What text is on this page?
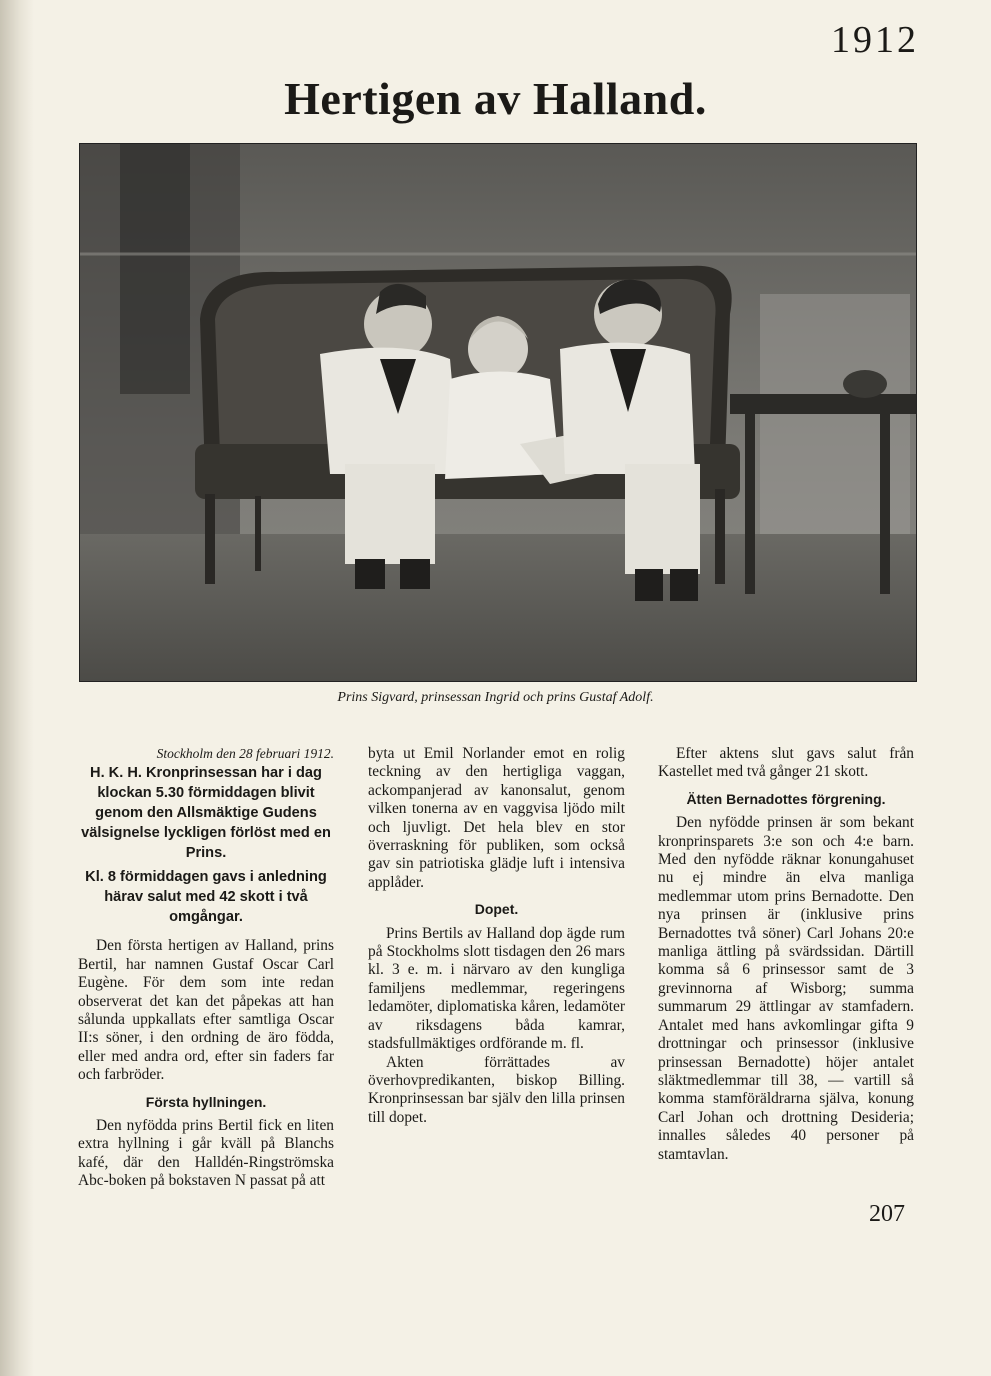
1912
Hertigen av Halland.
Prins Sigvard, prinsessan Ingrid och prins Gustaf Adolf.

Stockholm den 28 februari 1912.

H. K. H. Kronprinsessan har i dag klockan 5.30 förmiddagen blivit genom den Allsmäktige Gudens välsignelse lyckligen förlöst med en Prins.

Kl. 8 förmiddagen gavs i anledning härav salut med 42 skott i två omgångar.

Den första hertigen av Halland, prins Bertil, har namnen Gustaf Oscar Carl Eugène. För dem som inte redan observerat det kan det påpekas att han sålunda uppkallats efter samtliga Oscar II:s söner, i den ordning de äro födda, eller med andra ord, efter sin faders far och farbröder.

Första hyllningen.

Den nyfödda prins Bertil fick en liten extra hyllning i går kväll på Blanchs kafé, där den Halldén-Ringströmska Abc-boken på bokstaven N passat på att

byta ut Emil Norlander emot en rolig teckning av den hertigliga vaggan, ackompanjerad av kanonsalut, genom vilken tonerna av en vaggvisa ljödo milt och ljuvligt. Det hela blev en stor överraskning för publiken, som också gav sin patriotiska glädje luft i intensiva applåder.

Dopet.

Prins Bertils av Halland dop ägde rum på Stockholms slott tisdagen den 26 mars kl. 3 e. m. i närvaro av den kungliga familjens medlemmar, regeringens ledamöter, diplomatiska kåren, ledamöter av riksdagens båda kamrar, stadsfullmäktiges ordförande m. fl.

Akten förrättades av överhovpredikanten, biskop Billing. Kronprinsessan bar själv den lilla prinsen till dopet.

Efter aktens slut gavs salut från Kastellet med två gånger 21 skott.

Ätten Bernadottes förgrening.

Den nyfödde prinsen är som bekant kronprinsparets 3:e son och 4:e barn. Med den nyfödde räknar konungahuset nu ej mindre än elva manliga medlemmar utom prins Bernadotte. Den nya prinsen är (inklusive prins Bernadottes två söner) Carl Johans 20:e manliga ättling på svärdssidan. Därtill komma så 6 prinsessor samt de 3 grevinnorna af Wisborg; summa summarum 29 ättlingar av stamfadern. Antalet med hans avkomlingar gifta 9 drottningar och prinsessor (inklusive prinsessan Bernadotte) höjer antalet släktmedlemmar till 38, — vartill så komma stamföräldrarna själva, konung Carl Johan och drottning Desideria; innalles således 40 personer på stamtavlan.

207
